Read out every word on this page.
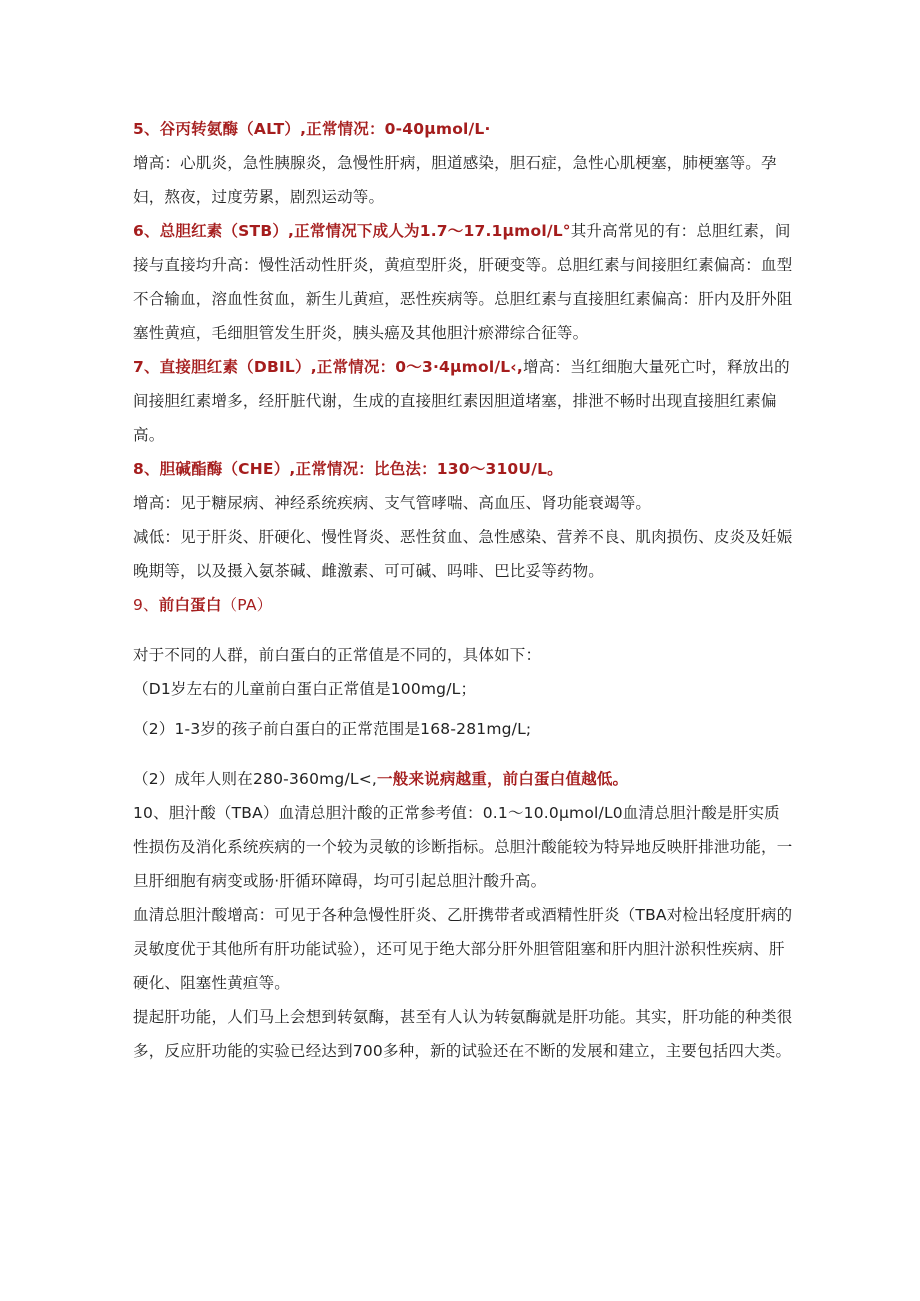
5、谷丙转氨酶（ALT）,正常情况：0-40μmol∕L·

增高：心肌炎，急性胰腺炎，急慢性肝病，胆道感染，胆石症，急性心肌梗塞，肺梗塞等。孕妇，熬夜，过度劳累，剧烈运动等。

6、总胆红素（STB）,正常情况下成人为1.7～17.1μmol∕L°其升高常见的有：总胆红素，间接与直接均升高：慢性活动性肝炎，黄疸型肝炎，肝硬变等。总胆红素与间接胆红素偏高：血型不合输血，溶血性贫血，新生儿黄疸，恶性疾病等。总胆红素与直接胆红素偏高：肝内及肝外阻塞性黄疸，毛细胆管发生肝炎，胰头癌及其他胆汁瘀滞综合征等。

7、直接胆红素（DBIL）,正常情况：0～3·4μmol∕L‹,增高：当红细胞大量死亡吋，释放出的间接胆红素增多，经肝脏代谢，生成的直接胆红素因胆道堵塞，排泄不畅时出现直接胆红素偏高。

8、胆碱酯酶（CHE）,正常情况：比色法：130～310U/L。

增高：见于糖尿病、神经系统疾病、支气管哮喘、高血压、肾功能衰竭等。

减低：见于肝炎、肝硬化、慢性肾炎、恶性贫血、急性感染、营养不良、肌肉损伤、皮炎及妊娠晚期等，以及摄入氨茶碱、雌激素、可可碱、吗啡、巴比妥等药物。

9、前白蛋白（PA）

对于不同的人群，前白蛋白的正常值是不同的，具体如下：

（D1岁左右的儿童前白蛋白正常值是100mg/L；

（2）1-3岁的孩子前白蛋白的正常范围是168-281mg∕L;

（2）成年人则在280-360mg∕L<,一般来说病越重，前白蛋白值越低。

10、胆汁酸（TBA）血清总胆汁酸的正常参考值：0.1～10.0μmol∕L0血清总胆汁酸是肝实质性损伤及消化系统疾病的一个较为灵敏的诊断指标。总胆汁酸能较为特异地反映肝排泄功能，一旦肝细胞有病变或肠·肝循环障碍，均可引起总胆汁酸升高。

血清总胆汁酸增高：可见于各种急慢性肝炎、乙肝携带者或酒精性肝炎（TBA对检出轻度肝病的灵敏度优于其他所有肝功能试验），还可见于绝大部分肝外胆管阻塞和肝内胆汁淤积性疾病、肝硬化、阻塞性黄疸等。

提起肝功能，人们马上会想到转氨酶，甚至有人认为转氨酶就是肝功能。其实，肝功能的种类很多，反应肝功能的实验已经达到700多种，新的试验还在不断的发展和建立，主要包括四大类。
